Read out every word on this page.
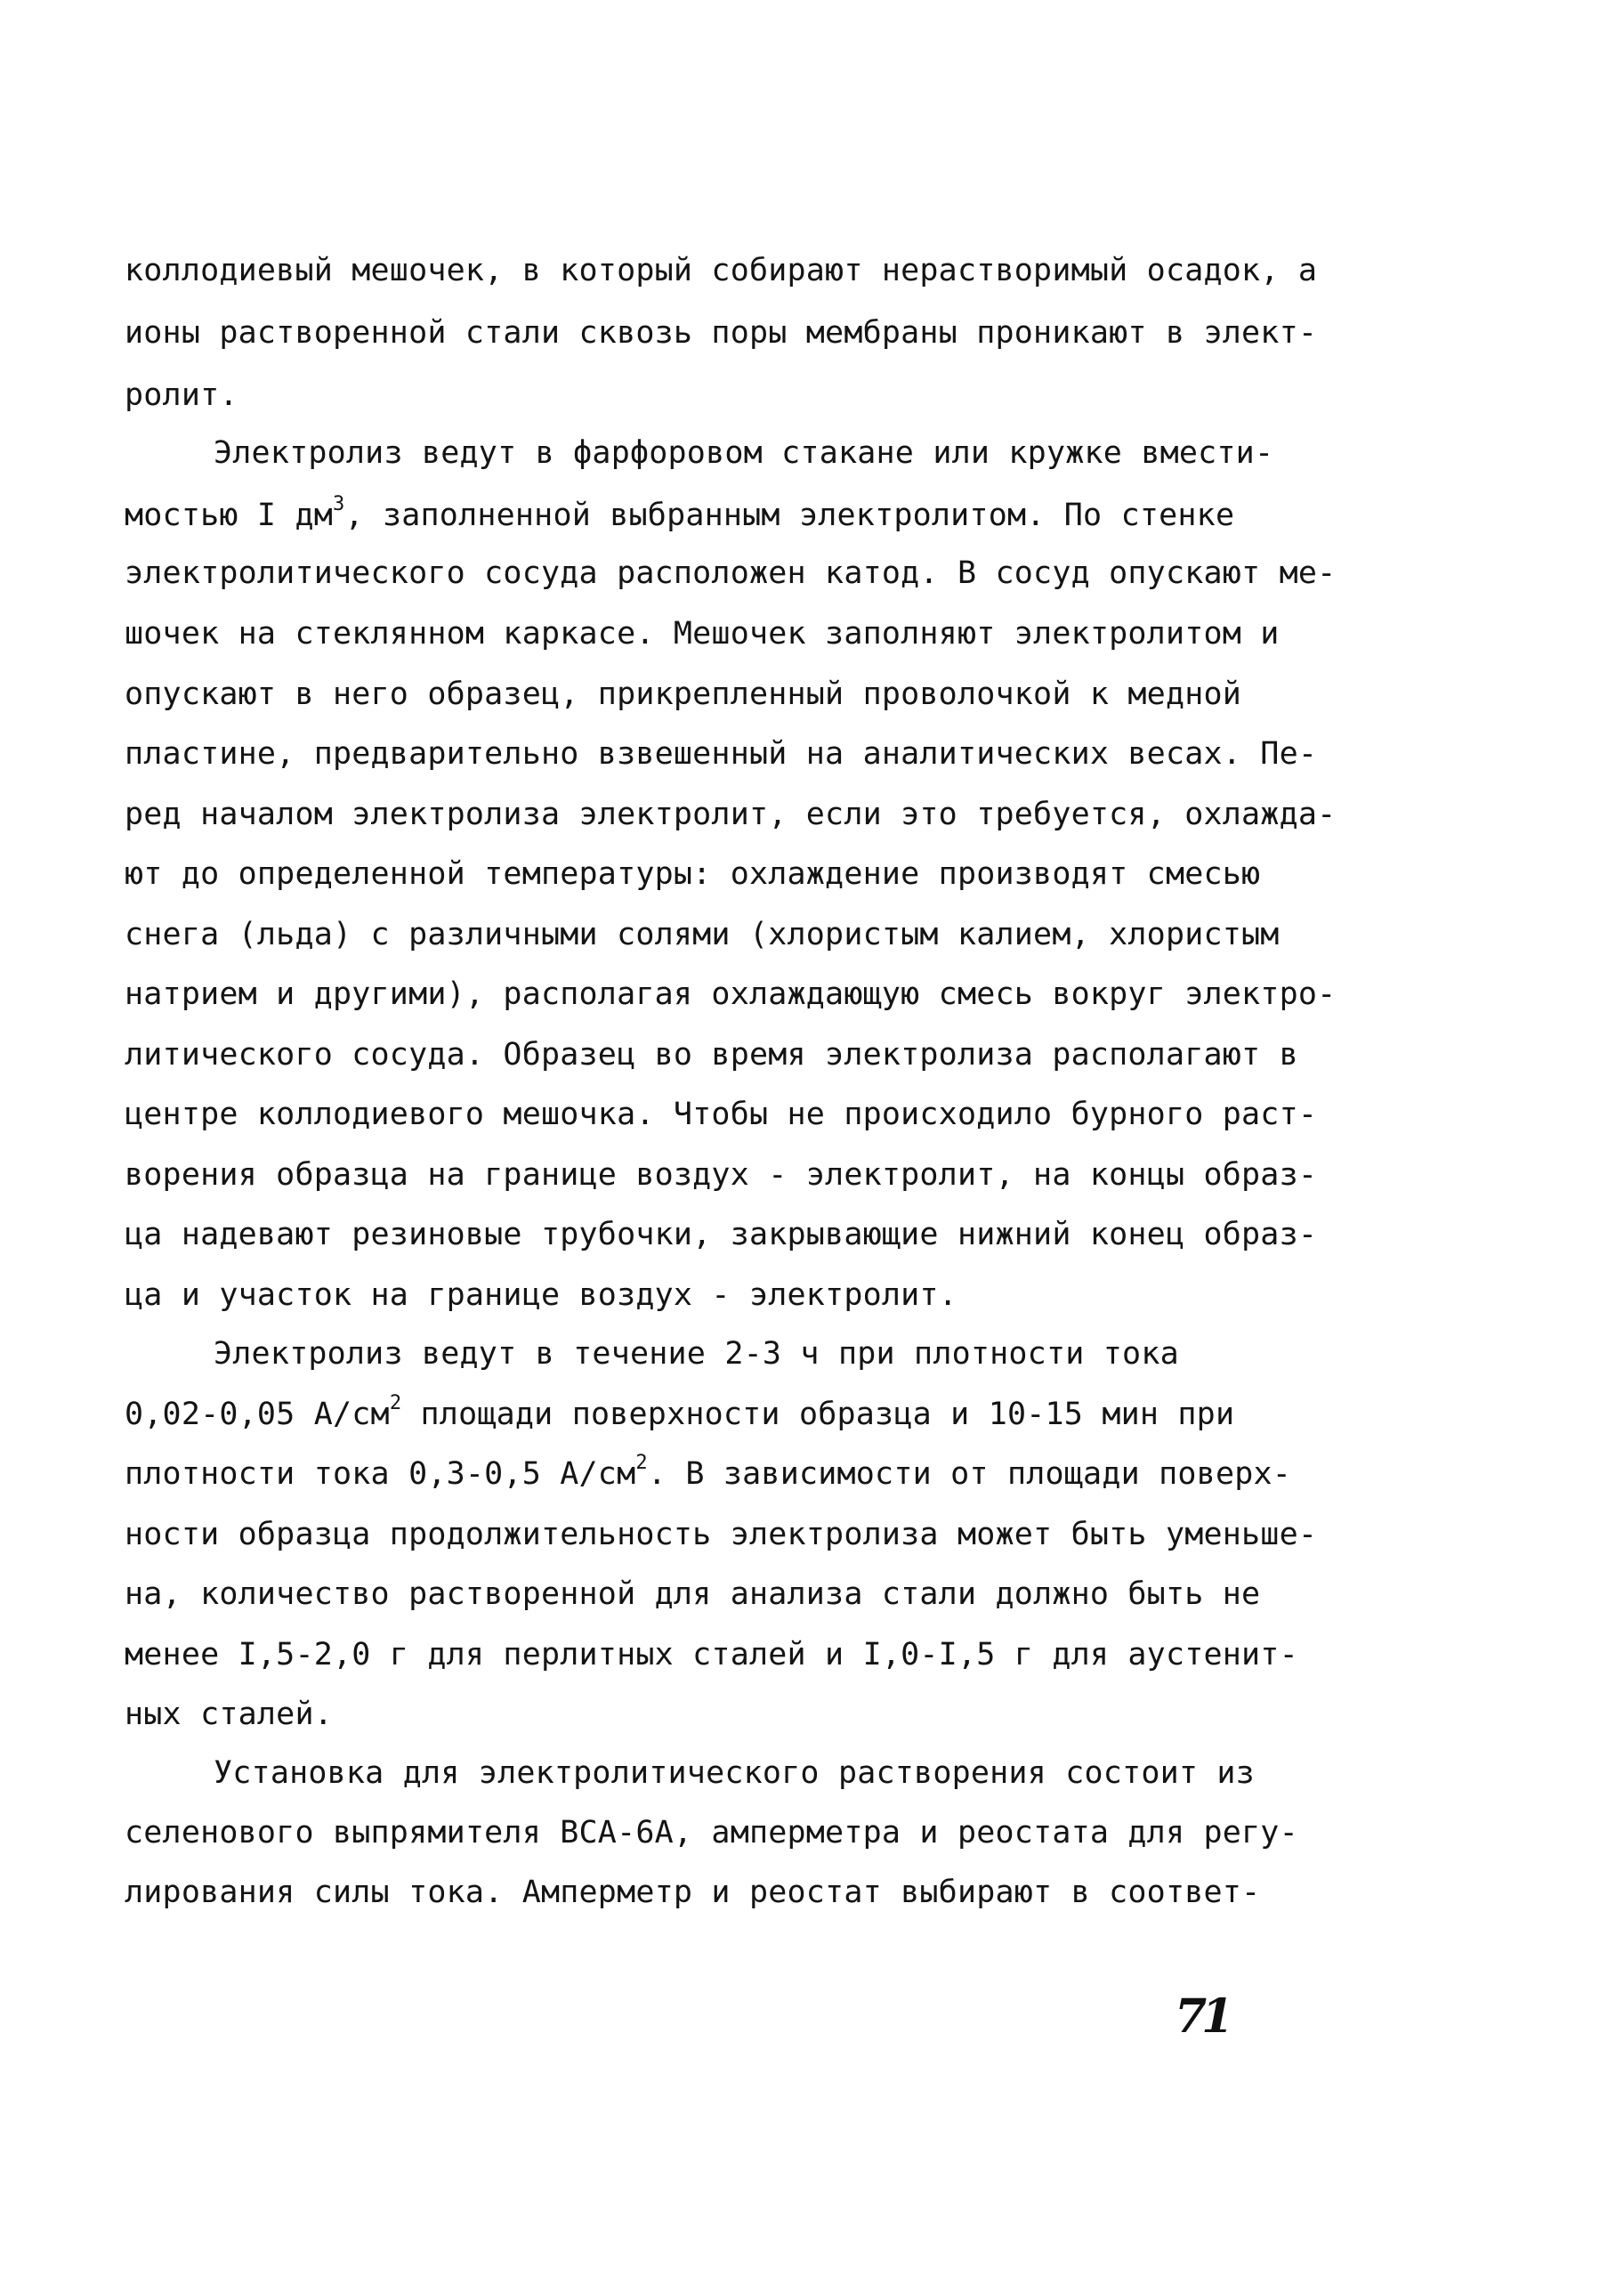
коллодиевый мешочек, в который собирают нерастворимый осадок, а
ионы растворенной стали сквозь поры мембраны проникают в элект-
ролит.
Электролиз ведут в фарфоровом стакане или кружке вмести-
мостью I $дм^3$, заполненной выбранным электролитом. По стенке
электролитического сосуда расположен катод. В сосуд опускают ме-
шочек на стеклянном каркасе. Мешочек заполняют электролитом и
опускают в него образец, прикрепленный проволочкой к медной
пластине, предварительно взвешенный на аналитических весах. Пе-
ред началом электролиза электролит, если это требуется, охлажда-
ют до определенной температуры: охлаждение производят смесью
снега (льда) с различными солями (хлористым калием, хлористым
натрием и другими), располагая охлаждающую смесь вокруг электро-
литического сосуда. Образец во время электролиза располагают в
центре коллодиевого мешочка. Чтобы не происходило бурного раст-
ворения образца на границе воздух - электролит, на концы образ-
ца надевают резиновые трубочки, закрывающие нижний конец образ-
ца и участок на границе воздух - электролит.
Электролиз ведут в течение 2-3 ч при плотности тока
0,02-0,05 $А/см^2$ площади поверхности образца и 10-15 мин при
плотности тока 0,3-0,5 $А/см^2$. В зависимости от площади поверх-
ности образца продолжительность электролиза может быть уменьше-
на, количество растворенной для анализа стали должно быть не
менее I,5-2,0 г для перлитных сталей и I,0-I,5 г для аустенит-
ных сталей.
Установка для электролитического растворения состоит из
селенового выпрямителя ВСА-6А, амперметра и реостата для регу-
лирования силы тока. Амперметр и реостат выбирают в соответ-
71
